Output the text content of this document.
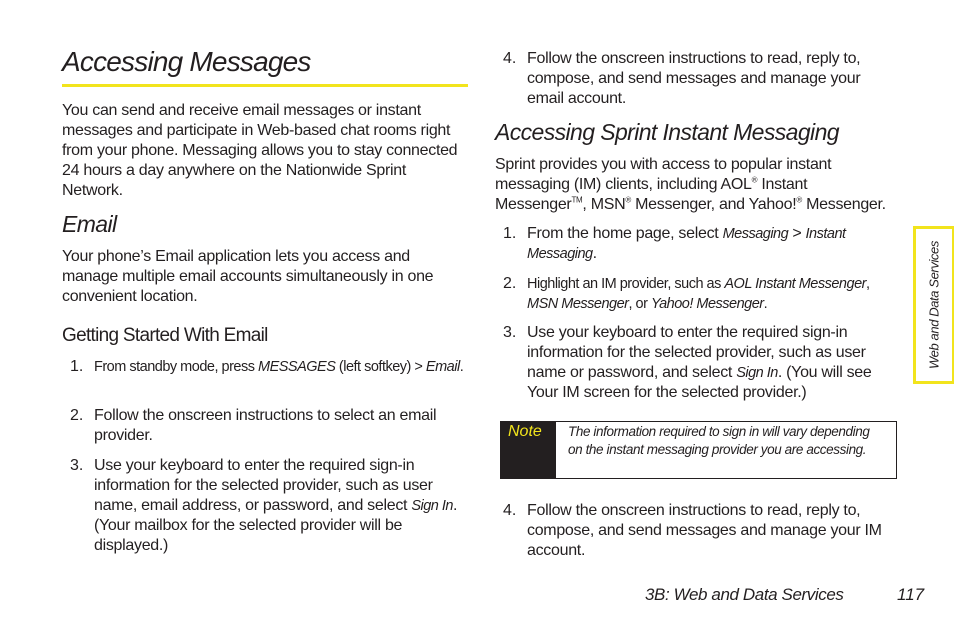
Accessing Messages

You can send and receive email messages or instant messages and participate in Web-based chat rooms right from your phone. Messaging allows you to stay connected 24 hours a day anywhere on the Nationwide Sprint Network.

Email

Your phone’s Email application lets you access and manage multiple email accounts simultaneously in one convenient location.

Getting Started With Email
1. From standby mode, press MESSAGES (left softkey) > Email.

2. Follow the onscreen instructions to select an email provider.

3. Use your keyboard to enter the required sign-in information for the selected provider, such as user name, email address, or password, and select Sign In. (Your mailbox for the selected provider will be displayed.)

4. Follow the onscreen instructions to read, reply to, compose, and send messages and manage your email account.

Accessing Sprint Instant Messaging

Sprint provides you with access to popular instant messaging (IM) clients, including AOL® Instant Messenger™, MSN® Messenger, and Yahoo!® Messenger.

1. From the home page, select Messaging > Instant Messaging.

2. Highlight an IM provider, such as AOL Instant Messenger, MSN Messenger, or Yahoo! Messenger.

3. Use your keyboard to enter the required sign-in information for the selected provider, such as user name or password, and select Sign In. (You will see Your IM screen for the selected provider.)

Note The information required to sign in will vary depending on the instant messaging provider you are accessing.

4. Follow the onscreen instructions to read, reply to, compose, and send messages and manage your IM account.

Web and Data Services
3B: Web and Data Services	117
